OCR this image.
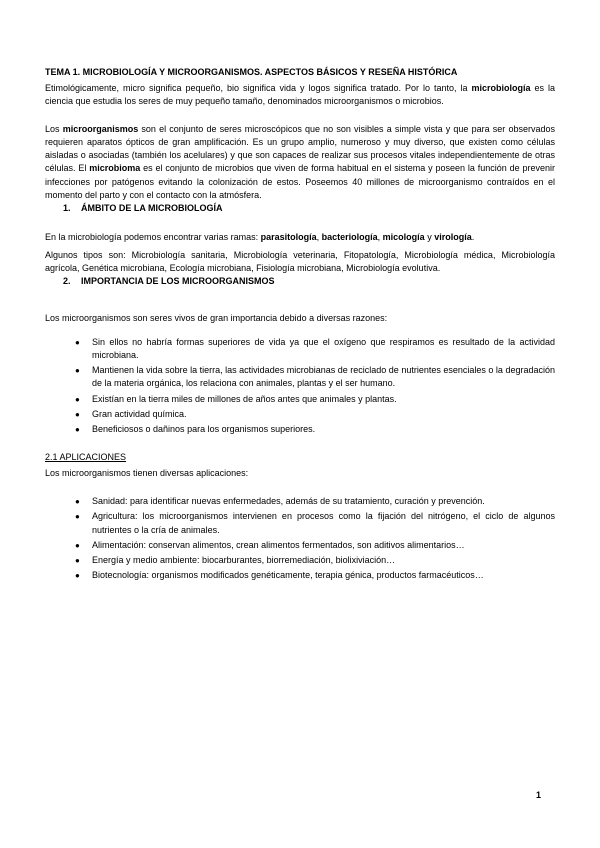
TEMA 1. MICROBIOLOGÍA Y MICROORGANISMOS. ASPECTOS BÁSICOS Y RESEÑA HISTÓRICA

Etimológicamente, micro significa pequeño, bio significa vida y logos significa tratado. Por lo tanto, la microbiología es la ciencia que estudia los seres de muy pequeño tamaño, denominados microorganismos o microbios.

Los microorganismos son el conjunto de seres microscópicos que no son visibles a simple vista y que para ser observados requieren aparatos ópticos de gran amplificación. Es un grupo amplio, numeroso y muy diverso, que existen como células aisladas o asociadas (también los acelulares) y que son capaces de realizar sus procesos vitales independientemente de otras células. El microbioma es el conjunto de microbios que viven de forma habitual en el sistema y poseen la función de prevenir infecciones por patógenos evitando la colonización de estos. Poseemos 40 millones de microorganismo contraídos en el momento del parto y con el contacto con la atmósfera.

1. ÁMBITO DE LA MICROBIOLOGÍA

En la microbiología podemos encontrar varias ramas: parasitología, bacteriología, micología y virología.

Algunos tipos son: Microbiología sanitaria, Microbiología veterinaria, Fitopatología, Microbiología médica, Microbiología agrícola, Genética microbiana, Ecología microbiana, Fisiología microbiana, Microbiología evolutiva.

2. IMPORTANCIA DE LOS MICROORGANISMOS

Los microorganismos son seres vivos de gran importancia debido a diversas razones:

● Sin ellos no habría formas superiores de vida ya que el oxígeno que respiramos es resultado de la actividad microbiana.
● Mantienen la vida sobre la tierra, las actividades microbianas de reciclado de nutrientes esenciales o la degradación de la materia orgánica, los relaciona con animales, plantas y el ser humano.
● Existían en la tierra miles de millones de años antes que animales y plantas.
● Gran actividad química.
● Beneficiosos o dañinos para los organismos superiores.
2.1 APLICACIONES

Los microorganismos tienen diversas aplicaciones:

● Sanidad: para identificar nuevas enfermedades, además de su tratamiento, curación y prevención.
● Agricultura: los microorganismos intervienen en procesos como la fijación del nitrógeno, el ciclo de algunos nutrientes o la cría de animales.
● Alimentación: conservan alimentos, crean alimentos fermentados, son aditivos alimentarios…
● Energía y medio ambiente: biocarburantes, biorremediación, biolixiviación…
● Biotecnología: organismos modificados genéticamente, terapia génica, productos farmacéuticos…
1
